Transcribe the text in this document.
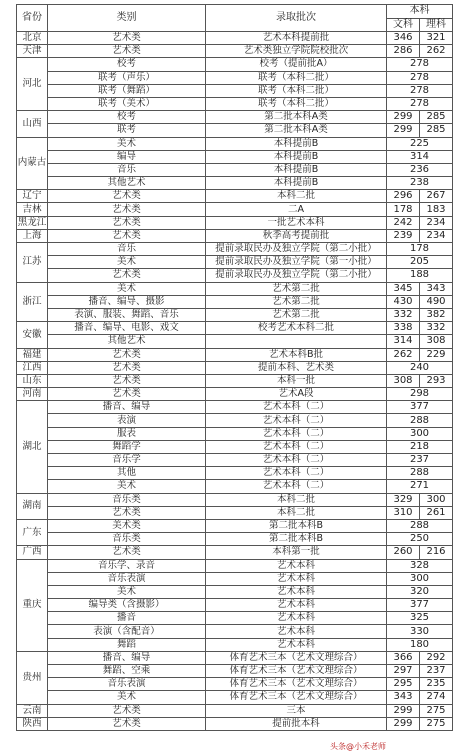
省份	类别	录取批次	本科	
			文科	理科
北京	艺术类	艺术本科提前批	346	321
天津	艺术类	艺术类独立学院院校批次	286	262
河北	校考	校考（提前批A）	278	
	联考（声乐）	联考（本科二批）	278	
	联考（舞蹈）	联考（本科二批）	278	
	联考（美术）	联考（本科二批）	278	
山西	校考	第二批本科A类	299	285
	联考	第二批本科A类	299	285
内蒙古	美术	本科提前B	225	
	编导	本科提前B	314	
	音乐	本科提前B	236	
	其他艺术	本科提前B	238	
辽宁	艺术类	本科二批	296	267
吉林	艺术类	二A	178	183
黑龙江	艺术类	一批艺术本科	242	234
上海	艺术类	秋季高考提前批	239	234
江苏	音乐	提前录取民办及独立学院（第二小批）	178	
	美术	提前录取民办及独立学院（第一小批）	205	
	艺术类	提前录取民办及独立学院（第二小批）	188	
浙江	美术	艺术第二批	345	343
	播音、编导、摄影	艺术第二批	430	490
	表演、服装、舞蹈、音乐	艺术第二批	332	382
安徽	播音、编导、电影、戏文	校考艺术本科二批	338	332
	其他艺术		314	308
福建	艺术类	艺术本科B批	262	229
江西	艺术类	提前本科、艺术类	240	
山东	艺术类	本科一批	308	293
河南	艺术类	艺术A段	298	
湖北	播音、编导	艺术本科（二）	377	
	表演	艺术本科（二）	288	
	服表	艺术本科（二）	300	
	舞蹈学	艺术本科（二）	218	
	音乐学	艺术本科（二）	237	
	其他	艺术本科（二）	288	
	美术	艺术本科（二）	271	
湖南	音乐类	本科二批	329	300
	艺术类	本科二批	310	261
广东	美术类	第二批本科B	288	
	音乐类	第二批本科B	250	
广西	艺术类	本科第一批	260	216
重庆	音乐学、录音	艺术本科	328	
	音乐表演	艺术本科	300	
	美术	艺术本科	320	
	编导类（含摄影）	艺术本科	377	
	播音	艺术本科	325	
	表演（含配音）	艺术本科	330	
	舞蹈	艺术本科	180	
贵州	播音、编导	体育艺术三本（艺术文理综合）	366	292
	舞蹈、空乘	体育艺术三本（艺术文理综合）	297	237
	音乐表演	体育艺术三本（艺术文理综合）	295	235
	美术	体育艺术三本（艺术文理综合）	343	274
云南	艺术类	三本	299	275
陕西	艺术类	提前批本科	299	275
头条@小禾老师
